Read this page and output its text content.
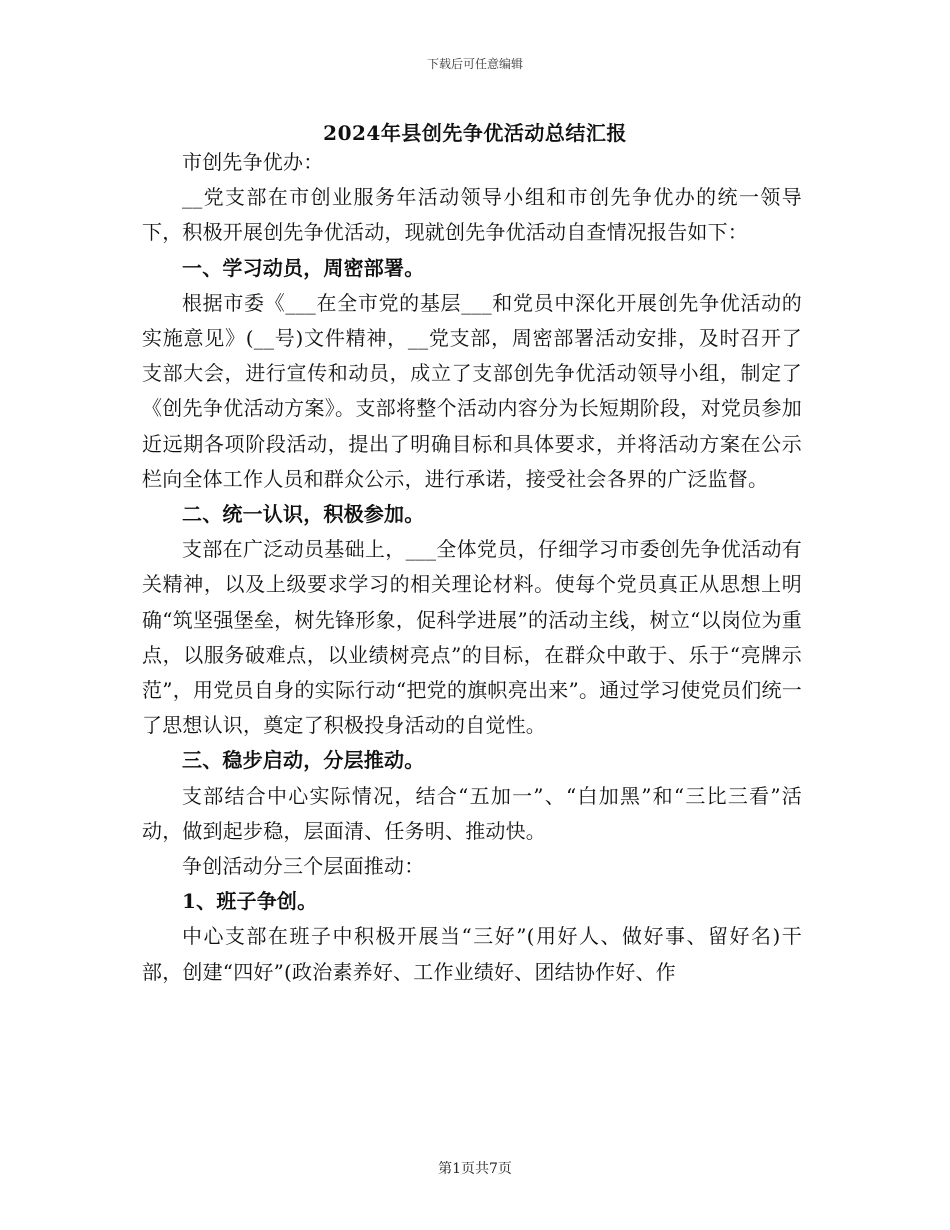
下载后可任意编辑
2024年县创先争优活动总结汇报

市创先争优办：

__党支部在市创业服务年活动领导小组和市创先争优办的统一领导下，积极开展创先争优活动，现就创先争优活动自查情况报告如下：

一、学习动员，周密部署。

根据市委《___在全市党的基层___和党员中深化开展创先争优活动的实施意见》(__号)文件精神，__党支部，周密部署活动安排，及时召开了支部大会，进行宣传和动员，成立了支部创先争优活动领导小组，制定了《创先争优活动方案》。支部将整个活动内容分为长短期阶段，对党员参加近远期各项阶段活动，提出了明确目标和具体要求，并将活动方案在公示栏向全体工作人员和群众公示，进行承诺，接受社会各界的广泛监督。

二、统一认识，积极参加。

支部在广泛动员基础上，___全体党员，仔细学习市委创先争优活动有关精神，以及上级要求学习的相关理论材料。使每个党员真正从思想上明确“筑坚强堡垒，树先锋形象，促科学进展”的活动主线，树立“以岗位为重点，以服务破难点，以业绩树亮点”的目标，在群众中敢于、乐于“亮牌示范”，用党员自身的实际行动“把党的旗帜亮出来”。通过学习使党员们统一了思想认识，奠定了积极投身活动的自觉性。

三、稳步启动，分层推动。

支部结合中心实际情况，结合“五加一”、“白加黑”和“三比三看”活动，做到起步稳，层面清、任务明、推动快。

争创活动分三个层面推动：

1、班子争创。

中心支部在班子中积极开展当“三好”(用好人、做好事、留好名)干部，创建“四好”(政治素养好、工作业绩好、团结协作好、作

第1页共7页
